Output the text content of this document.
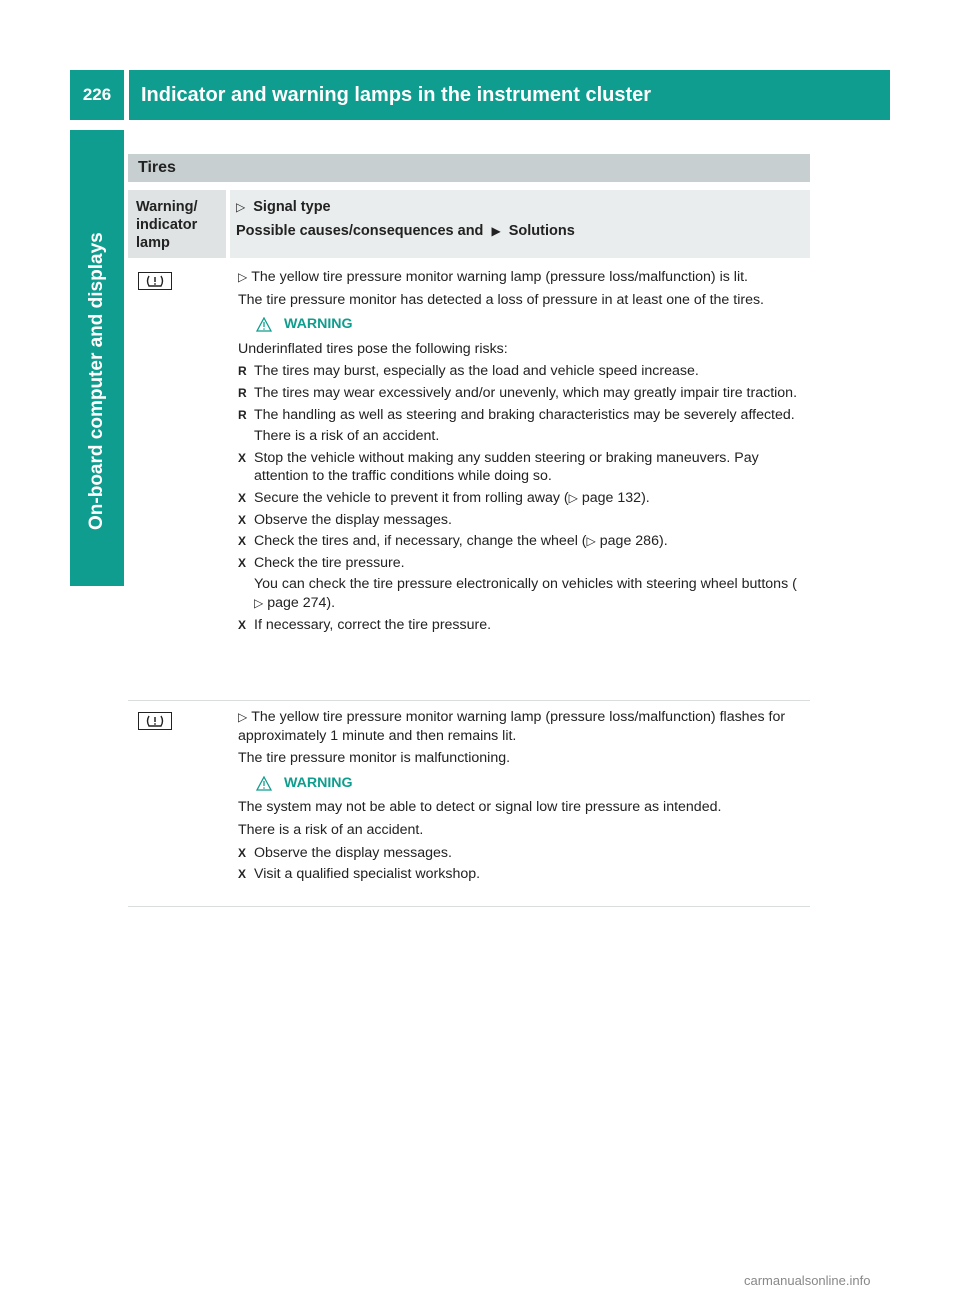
226	Indicator and warning lamps in the instrument cluster
On-board computer and displays
Tires
Warning/
indicator
lamp
▷ Signal type
Possible causes/consequences and ▶ Solutions

▷ The yellow tire pressure monitor warning lamp (pressure loss/malfunction) is lit.

The tire pressure monitor has detected a loss of pressure in at least one of the tires.

WARNING

Underinflated tires pose the following risks:

R The tires may burst, especially as the load and vehicle speed increase.
R The tires may wear excessively and/or unevenly, which may greatly impair tire traction.
R The handling as well as steering and braking characteristics may be severely affected.
There is a risk of an accident.
X Stop the vehicle without making any sudden steering or braking maneuvers. Pay attention to the traffic conditions while doing so.
X Secure the vehicle to prevent it from rolling away (▷ page 132).
X Observe the display messages.
X Check the tires and, if necessary, change the wheel (▷ page 286).
X Check the tire pressure.
You can check the tire pressure electronically on vehicles with steering wheel buttons (▷ page 274).
X If necessary, correct the tire pressure.

▷ The yellow tire pressure monitor warning lamp (pressure loss/malfunction) flashes for approximately 1 minute and then remains lit.

The tire pressure monitor is malfunctioning.

WARNING

The system may not be able to detect or signal low tire pressure as intended.

There is a risk of an accident.

X Observe the display messages.
X Visit a qualified specialist workshop.
carmanualsonline.info
